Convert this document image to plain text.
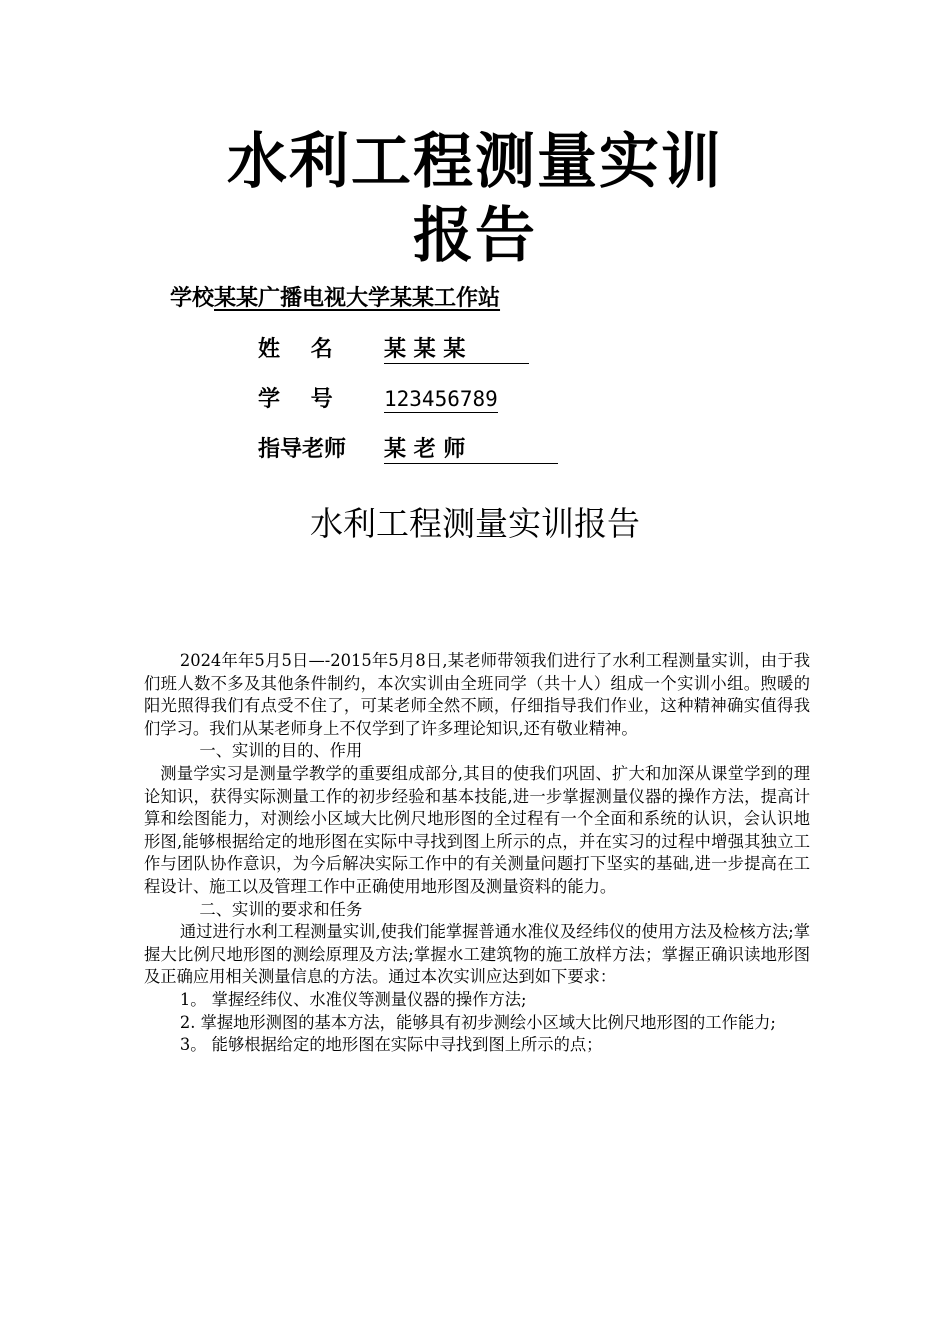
水利工程测量实训
报告
学校某某广播电视大学某某工作站
姓    名 某 某 某
学    号 123456789
指导老师 某 老 师
水利工程测量实训报告

2024年年5月5日—-2015年5月8日,某老师带领我们进行了水利工程测量实训，由于我们班人数不多及其他条件制约，本次实训由全班同学（共十人）组成一个实训小组。煦暖的阳光照得我们有点受不住了，可某老师全然不顾，仔细指导我们作业，这种精神确实值得我们学习。我们从某老师身上不仅学到了许多理论知识,还有敬业精神。

一、实训的目的、作用

测量学实习是测量学教学的重要组成部分,其目的使我们巩固、扩大和加深从课堂学到的理论知识，获得实际测量工作的初步经验和基本技能,进一步掌握测量仪器的操作方法，提高计算和绘图能力，对测绘小区域大比例尺地形图的全过程有一个全面和系统的认识，会认识地形图,能够根据给定的地形图在实际中寻找到图上所示的点，并在实习的过程中增强其独立工作与团队协作意识，为今后解决实际工作中的有关测量问题打下坚实的基础,进一步提高在工程设计、施工以及管理工作中正确使用地形图及测量资料的能力。

二、实训的要求和任务

通过进行水利工程测量实训,使我们能掌握普通水准仪及经纬仪的使用方法及检核方法;掌握大比例尺地形图的测绘原理及方法;掌握水工建筑物的施工放样方法；掌握正确识读地形图及正确应用相关测量信息的方法。通过本次实训应达到如下要求：

1。 掌握经纬仪、水准仪等测量仪器的操作方法;

2. 掌握地形测图的基本方法，能够具有初步测绘小区域大比例尺地形图的工作能力;

3。 能够根据给定的地形图在实际中寻找到图上所示的点；
